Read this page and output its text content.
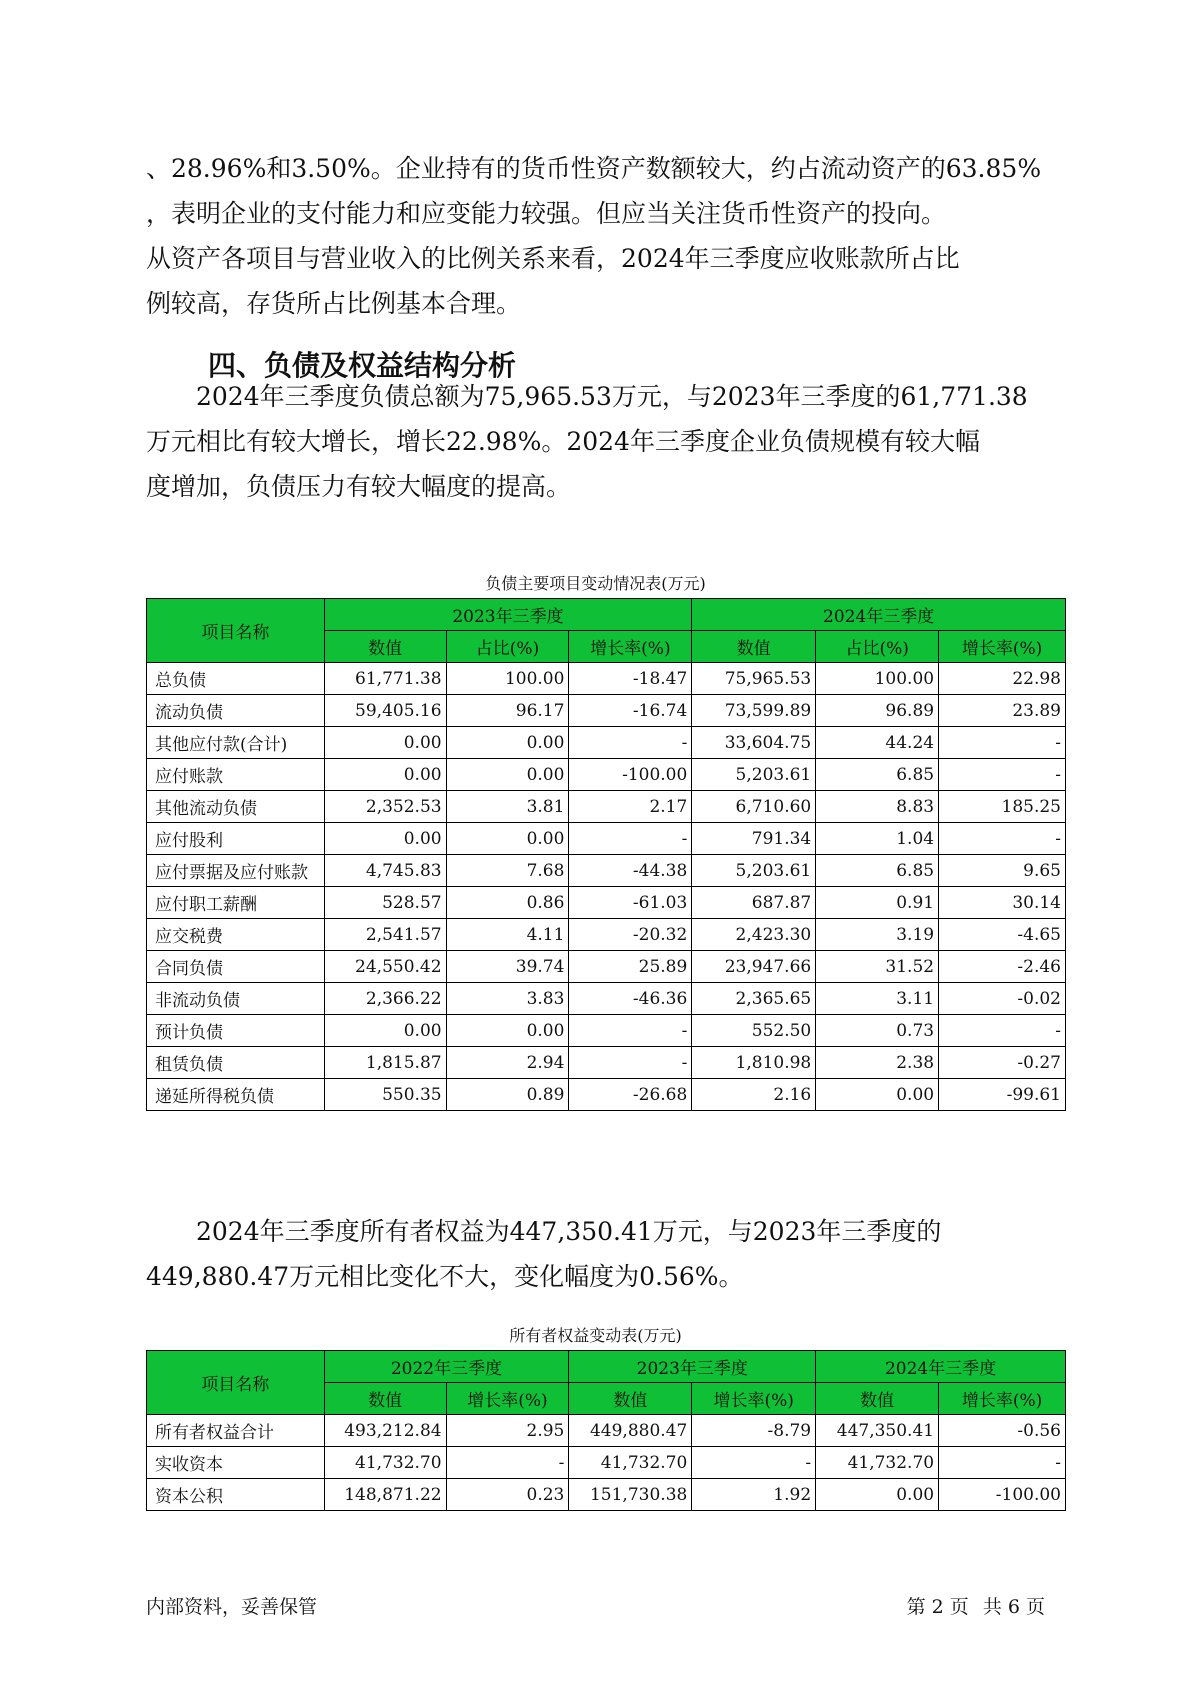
、28.96%和3.50%。企业持有的货币性资产数额较大，约占流动资产的63.85%
，表明企业的支付能力和应变能力较强。但应当关注货币性资产的投向。
从资产各项目与营业收入的比例关系来看，2024年三季度应收账款所占比
例较高，存货所占比例基本合理。

四、负债及权益结构分析

　　2024年三季度负债总额为75,965.53万元，与2023年三季度的61,771.38
万元相比有较大增长，增长22.98%。2024年三季度企业负债规模有较大幅
度增加，负债压力有较大幅度的提高。

负债主要项目变动情况表(万元)
项目名称	2023年三季度			2024年三季度		
	数值	占比(%)	增长率(%)	数值	占比(%)	增长率(%)
总负债	61,771.38	100.00	-18.47	75,965.53	100.00	22.98
流动负债	59,405.16	96.17	-16.74	73,599.89	96.89	23.89
其他应付款(合计)	0.00	0.00	-	33,604.75	44.24	-
应付账款	0.00	0.00	-100.00	5,203.61	6.85	-
其他流动负债	2,352.53	3.81	2.17	6,710.60	8.83	185.25
应付股利	0.00	0.00	-	791.34	1.04	-
应付票据及应付账款	4,745.83	7.68	-44.38	5,203.61	6.85	9.65
应付职工薪酬	528.57	0.86	-61.03	687.87	0.91	30.14
应交税费	2,541.57	4.11	-20.32	2,423.30	3.19	-4.65
合同负债	24,550.42	39.74	25.89	23,947.66	31.52	-2.46
非流动负债	2,366.22	3.83	-46.36	2,365.65	3.11	-0.02
预计负债	0.00	0.00	-	552.50	0.73	-
租赁负债	1,815.87	2.94	-	1,810.98	2.38	-0.27
递延所得税负债	550.35	0.89	-26.68	2.16	0.00	-99.61

　　2024年三季度所有者权益为447,350.41万元，与2023年三季度的
449,880.47万元相比变化不大，变化幅度为0.56%。

所有者权益变动表(万元)
项目名称	2022年三季度		2023年三季度		2024年三季度	
	数值	增长率(%)	数值	增长率(%)	数值	增长率(%)
所有者权益合计	493,212.84	2.95	449,880.47	-8.79	447,350.41	-0.56
实收资本	41,732.70	-	41,732.70	-	41,732.70	-
资本公积	148,871.22	0.23	151,730.38	1.92	0.00	-100.00
内部资料，妥善保管	第 2 页 共 6 页
